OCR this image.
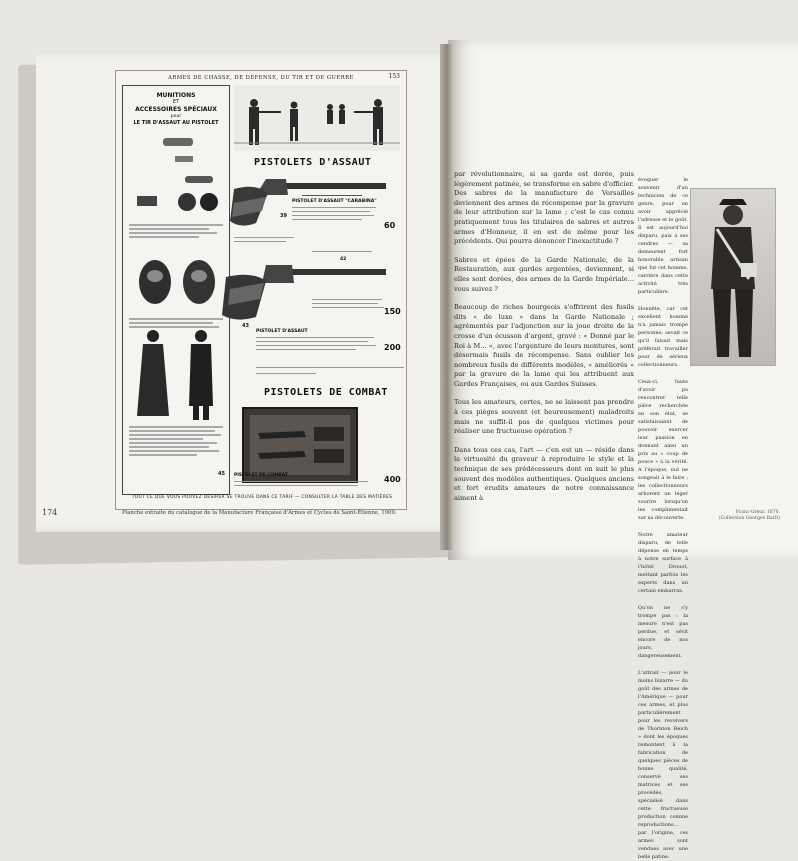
ARMES DE CHASSE, DE DÉFENSE, DU TIR ET DE GUERRE	153
MUNITIONS
ET
ACCESSOIRES SPÉCIAUX
pour
LE TIR D'ASSAUT AU PISTOLET
PISTOLETS D'ASSAUT
PISTOLET D'ASSAUT "CARABINA"
39
60
42
150
43
PISTOLET D'ASSAUT
200
PISTOLETS DE COMBAT
45 PISTOLET DE COMBAT	400
TOUT CE QUE VOUS POUVEZ DÉSIRER SE TROUVE DANS CE TARIF — CONSULTER LA TABLE DES MATIÈRES
174	Planche extraite du catalogue de la Manufacture Française d'Armes et Cycles de Saint-Étienne, 1909.

par révolutionnaire, si sa garde est dorée, puis légèrement patinée, se transforme en sabre d'officier. Des sabres de la manufacture de Versailles deviennent des armes de récompense par la gravure de leur attribution sur la lame ; c'est le cas connu pratiquement tous les titulaires de sabres et autres armes d'Honneur, il en est de même pour les précédents. Qui pourra dénoncer l'inexactitude ?

Sabres et épées de la Garde Nationale, de la Restauration, aux gardes argentées, deviennent, si elles sont dorées, des armes de la Garde Impériale... vous suivez ?

Beaucoup de riches bourgeois s'offrirent des fusils dits « de luxe » dans la Garde Nationale ; agrémentés par l'adjonction sur la joue droite de la crosse d'un écusson d'argent, gravé : « Donné par le Roi à M... », avec l'argenture de leurs montures, sont désormais fusils de récompense. Sans oublier les nombreux fusils de différents modèles, « améliorés » par la gravure de la lame qui les attribuent aux Gardes Françaises, ou aux Gardes Suisses.

Tous les amateurs, certes, ne se laissent pas prendre à ces pièges souvent (et heureusement) maladroits mais ne suffit-il pas de quelques victimes pour réaliser une fructueuse opération ?

Dans tous ces cas, l'art — c'en est un — réside dans la virtuosité du graveur à reproduire le style et la technique de ses prédécesseurs dont on suit le plus souvent des modèles authentiques. Quelques anciens et fort érudits amateurs de notre connaissance aiment à

évoquer le souvenir d'un technicien de ce genre, pour en avoir apprécié l'adresse et le goût. Il est aujourd'hui disparu, paix à ses cendres — sa demeurent fort honorable artisan que fut cet homme, carrière dans cette activité très particulière.

Honnête, car cet excellent homme n'a jamais trompé personne, savait ce qu'il faisait mais préférait travailler pour de sérieux collectionneurs.

Ceux-ci, faute d'avoir pu rencontrer telle pièce recherchée en son état, se satisfaisaient de pouvoir exercer leur passion en donnant ainsi un prix au « coup de pouce » à la vérité. A l'époque, nul ne songeait à le faire ; les collectionneurs arborent un léger sourire lorsqu'on les complimentait sur sa découverte.

Notre amateur disparu, de telle dépense en temps à notre surface à l'hôtel Drouot, mettant parfois les experts dans un certain embarras.

Qu'on ne s'y trompe pas : la mesure n'est pas perdue, et sévit encore de nos jours, dangereusement.

L'attrait — pour le moins bizarre — du goût des armes de l'Amérique — pour ces armes, et plus particulièrement pour les revolvers de Thornton Reich » dont les époques remontent à la fabrication de quelques pièces de bonne qualité, conservé ses matrices et ses procédés, spécialisé dans cette fructueuse production comme reproductions... par l'origine, ces armes sont vendues avec une belle patine.

Franc-tireur, 1870.
(Collection Georges Barit)
